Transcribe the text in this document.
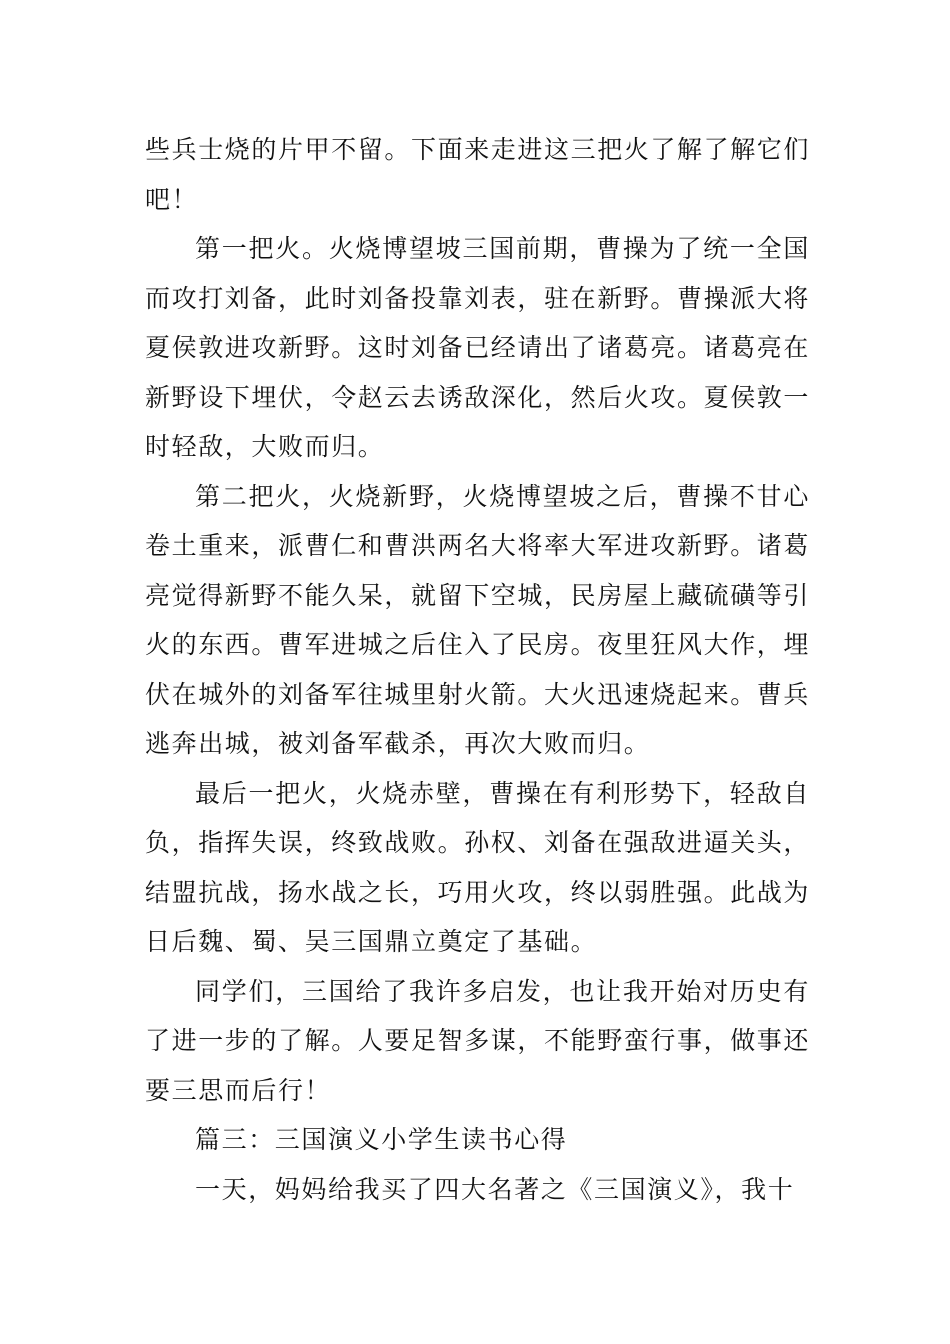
些兵士烧的片甲不留。下面来走进这三把火了解了解它们吧！

第一把火。火烧博望坡三国前期，曹操为了统一全国而攻打刘备，此时刘备投靠刘表，驻在新野。曹操派大将夏侯敦进攻新野。这时刘备已经请出了诸葛亮。诸葛亮在新野设下埋伏，令赵云去诱敌深化，然后火攻。夏侯敦一时轻敌，大败而归。

第二把火，火烧新野，火烧博望坡之后，曹操不甘心卷土重来，派曹仁和曹洪两名大将率大军进攻新野。诸葛亮觉得新野不能久呆，就留下空城，民房屋上藏硫磺等引火的东西。曹军进城之后住入了民房。夜里狂风大作，埋伏在城外的刘备军往城里射火箭。大火迅速烧起来。曹兵逃奔出城，被刘备军截杀，再次大败而归。

最后一把火，火烧赤壁，曹操在有利形势下，轻敌自负，指挥失误，终致战败。孙权、刘备在强敌进逼关头，结盟抗战，扬水战之长，巧用火攻，终以弱胜强。此战为日后魏、蜀、吴三国鼎立奠定了基础。

同学们，三国给了我许多启发，也让我开始对历史有了进一步的了解。人要足智多谋，不能野蛮行事，做事还要三思而后行！

篇三：三国演义小学生读书心得

一天，妈妈给我买了四大名著之《三国演义》，我十
